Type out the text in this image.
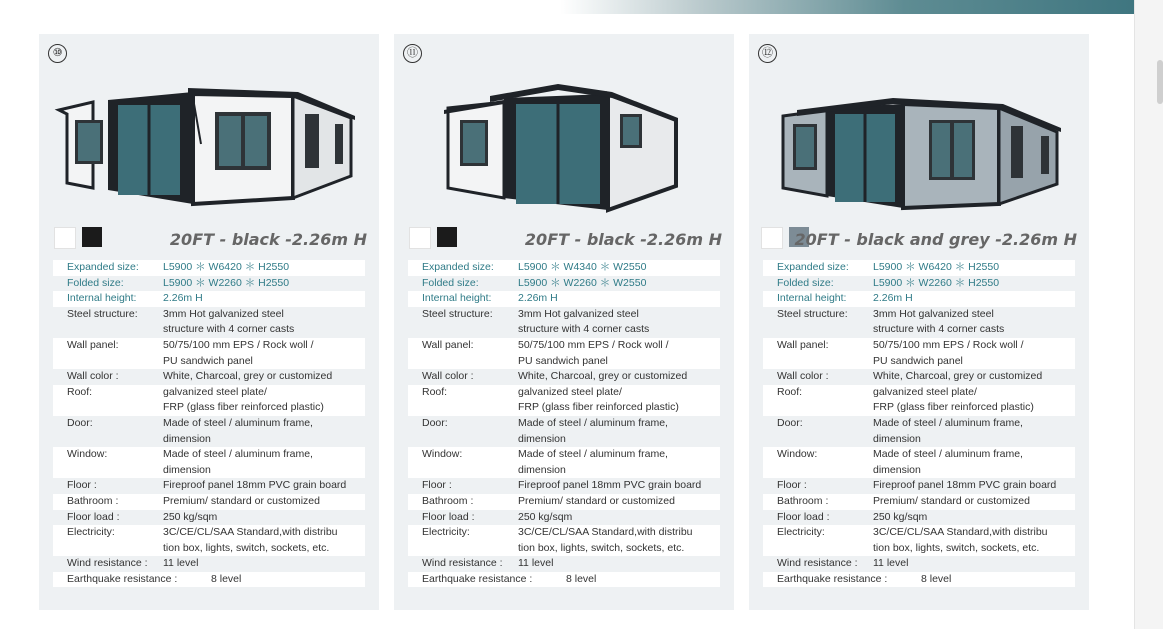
⑩
20FT - black -2.26m H
Expanded size: L5900 ＊ W6420 ＊ H2550
Folded size:	L5900 ＊ W2260 ＊ H2550
Internal height:	2.26m H
Steel structure: 3mm Hot galvanized steel
structure with 4 corner casts
Wall panel:	50/75/100 mm EPS / Rock woll /
PU sandwich panel
Wall color :	White, Charcoal, grey or customized
Roof:	galvanized steel plate/
FRP (glass fiber reinforced plastic)
Door:	Made of steel / aluminum frame,
dimension
Window:	Made of steel / aluminum frame,
dimension
Floor :	Fireproof panel 18mm PVC grain board
Bathroom :	Premium/ standard or customized
Floor load :	250 kg/sqm
Electricity:	3C/CE/CL/SAA Standard,with distribu
tion box, lights, switch, sockets, etc.
Wind resistance : 11 level
Earthquake resistance :	8 level
⑪
20FT - black -2.26m H
Expanded size: L5900 ＊ W4340 ＊ W2550
Folded size:	L5900 ＊ W2260 ＊ W2550
Internal height:	2.26m H
Steel structure: 3mm Hot galvanized steel
structure with 4 corner casts
Wall panel:	50/75/100 mm EPS / Rock woll /
PU sandwich panel
Wall color :	White, Charcoal, grey or customized
Roof:	galvanized steel plate/
FRP (glass fiber reinforced plastic)
Door:	Made of steel / aluminum frame,
dimension
Window:	Made of steel / aluminum frame,
dimension
Floor :	Fireproof panel 18mm PVC grain board
Bathroom :	Premium/ standard or customized
Floor load :	250 kg/sqm
Electricity:	3C/CE/CL/SAA Standard,with distribu
tion box, lights, switch, sockets, etc.
Wind resistance : 11 level
Earthquake resistance :	8 level
⑫
20FT - black and grey -2.26m H
Expanded size: L5900 ＊ W6420 ＊ H2550
Folded size:	L5900 ＊ W2260 ＊ H2550
Internal height:	2.26m H
Steel structure: 3mm Hot galvanized steel
structure with 4 corner casts
Wall panel:	50/75/100 mm EPS / Rock woll /
PU sandwich panel
Wall color :	White, Charcoal, grey or customized
Roof:	galvanized steel plate/
FRP (glass fiber reinforced plastic)
Door:	Made of steel / aluminum frame,
dimension
Window:	Made of steel / aluminum frame,
dimension
Floor :	Fireproof panel 18mm PVC grain board
Bathroom :	Premium/ standard or customized
Floor load :	250 kg/sqm
Electricity:	3C/CE/CL/SAA Standard,with distribu
tion box, lights, switch, sockets, etc.
Wind resistance : 11 level
Earthquake resistance :	8 level
